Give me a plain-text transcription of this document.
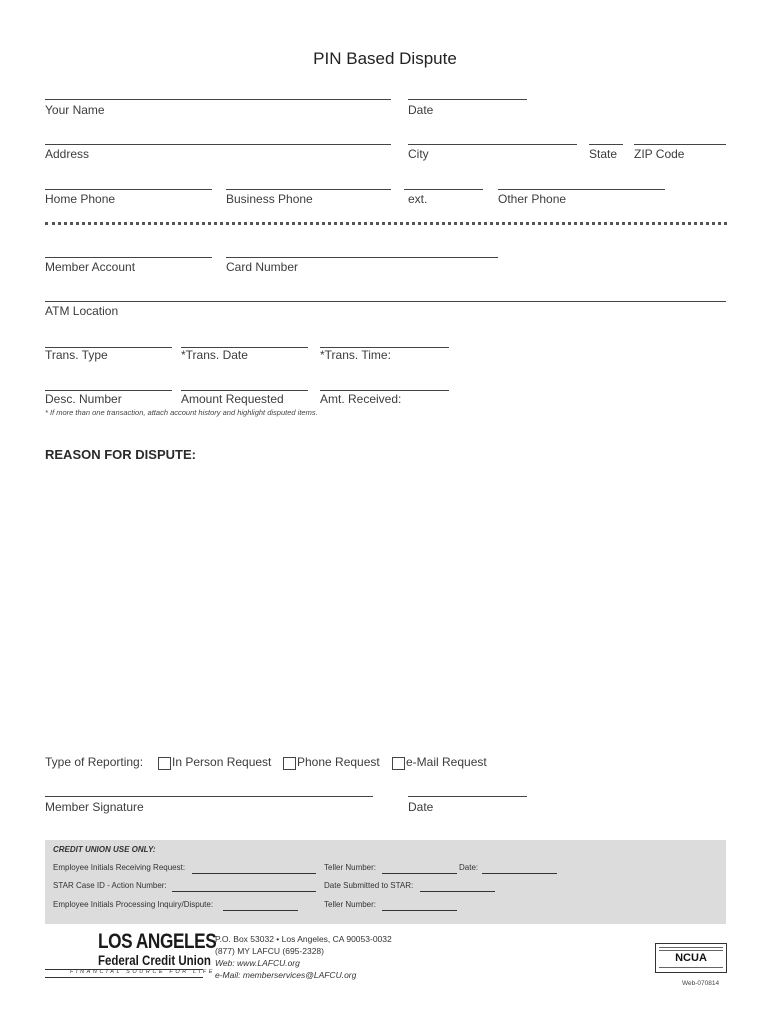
PIN Based Dispute
Your Name	Date
Address	City	State ZIP Code
Home Phone	Business Phone	ext.	Other Phone
Member Account	Card Number
ATM Location
Trans. Type	*Trans. Date	*Trans. Time:
Desc. Number	Amount Requested	Amt. Received:
* If more than one transaction, attach account history and highlight disputed items.
REASON FOR DISPUTE:
Type of Reporting: In Person Request Phone Request e-Mail Request
Member Signature	Date
CREDIT UNION USE ONLY:
Employee Initials Receiving Request:	Teller Number:	Date:
STAR Case ID - Action Number:	Date Submitted to STAR:
Employee Initials Processing Inquiry/Dispute:	Teller Number:
LOS ANGELES
Federal Credit Union
FINANCIAL SOURCE FOR LIFE
P.O. Box 53032 • Los Angeles, CA 90053-0032
(877) MY LAFCU (695-2328)
Web: www.LAFCU.org
e-Mail: memberservices@LAFCU.org
NCUA
Web-070814
